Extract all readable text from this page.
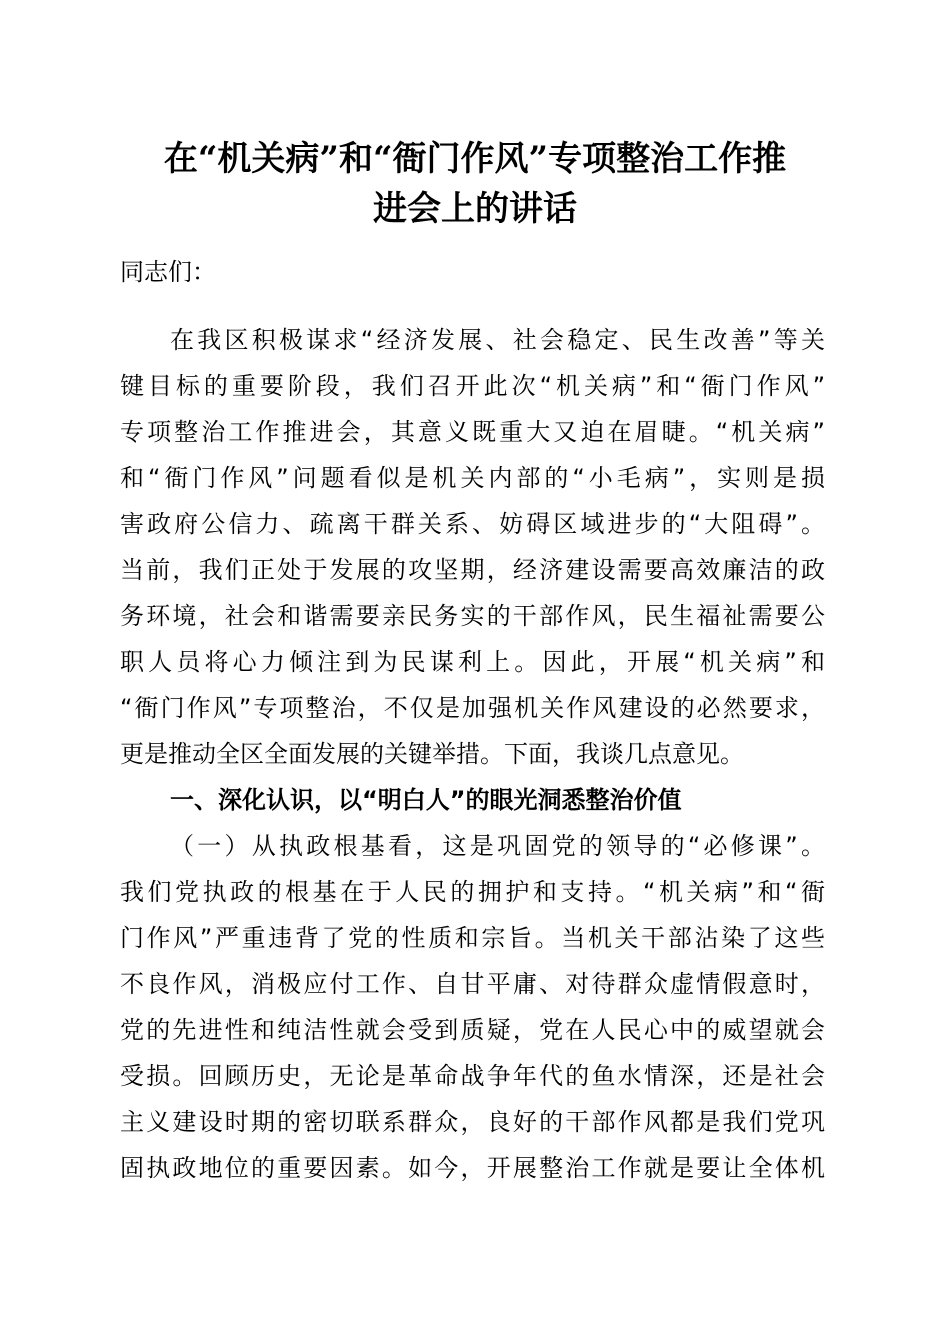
在“机关病”和“衙门作风”专项整治工作推
进会上的讲话
同志们：
在我区积极谋求“经济发展、社会稳定、民生改善”等关
键目标的重要阶段，我们召开此次“机关病”和“衙门作风”
专项整治工作推进会，其意义既重大又迫在眉睫。“机关病”
和“衙门作风”问题看似是机关内部的“小毛病”，实则是损
害政府公信力、疏离干群关系、妨碍区域进步的“大阻碍”。
当前，我们正处于发展的攻坚期，经济建设需要高效廉洁的政
务环境，社会和谐需要亲民务实的干部作风，民生福祉需要公
职人员将心力倾注到为民谋利上。因此，开展“机关病”和
“衙门作风”专项整治，不仅是加强机关作风建设的必然要求，
更是推动全区全面发展的关键举措。下面，我谈几点意见。
一、深化认识，以“明白人”的眼光洞悉整治价值
（一）从执政根基看，这是巩固党的领导的“必修课”。
我们党执政的根基在于人民的拥护和支持。“机关病”和“衙
门作风”严重违背了党的性质和宗旨。当机关干部沾染了这些
不良作风，消极应付工作、自甘平庸、对待群众虚情假意时，
党的先进性和纯洁性就会受到质疑，党在人民心中的威望就会
受损。回顾历史，无论是革命战争年代的鱼水情深，还是社会
主义建设时期的密切联系群众，良好的干部作风都是我们党巩
固执政地位的重要因素。如今，开展整治工作就是要让全体机
